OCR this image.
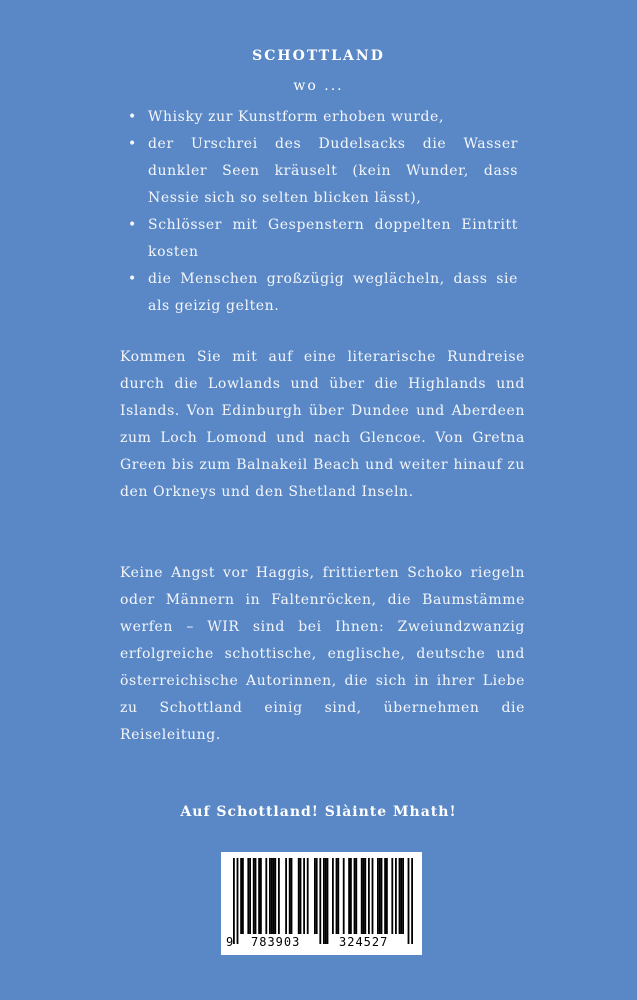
SCHOTTLAND
wo ...
• Whisky zur Kunstform erhoben wurde,
• der Urschrei des Dudelsacks die Wasser dunkler Seen kräuselt (kein Wunder, dass Nessie sich so selten blicken lässt),
• Schlösser mit Gespenstern doppelten Eintritt kosten
• die Menschen großzügig weglächeln, dass sie als geizig gelten.

Kommen Sie mit auf eine literarische Rundreise durch die Lowlands und über die Highlands und Islands. Von Edinburgh über Dundee und Aberdeen zum Loch Lomond und nach Glencoe. Von Gretna Green bis zum Balnakeil Beach und weiter hinauf zu den Orkneys und den Shetland Inseln.

Keine Angst vor Haggis, frittierten Schoko riegeln oder Männern in Faltenröcken, die Baumstämme werfen – WIR sind bei Ihnen: Zweiundzwanzig erfolgreiche schottische, englische, deutsche und österreichische Autorinnen, die sich in ihrer Liebe zu Schottland einig sind, übernehmen die Reiseleitung.

Auf Schottland! Slàinte Mhath!
9 783903	324527
